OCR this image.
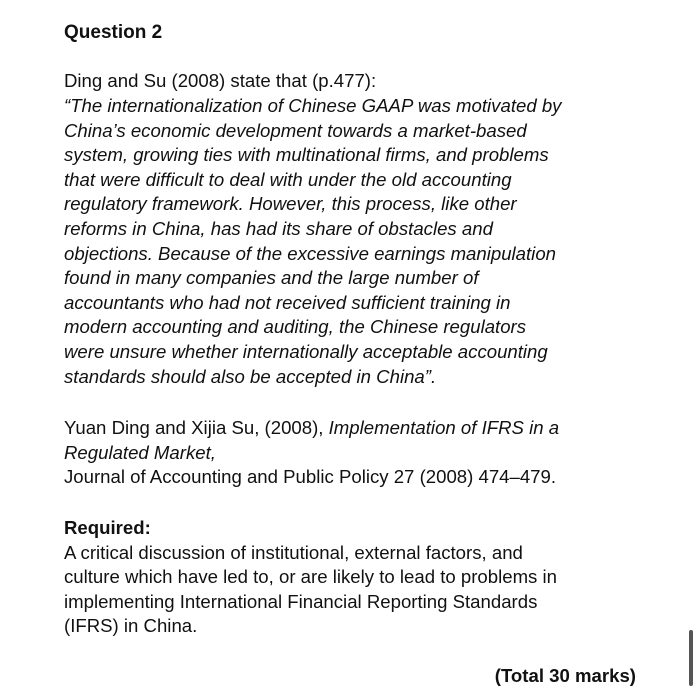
Question 2

Ding and Su (2008) state that (p.477):

“The internationalization of Chinese GAAP was motivated by
China’s economic development towards a market-based
system, growing ties with multinational firms, and problems
that were difficult to deal with under the old accounting
regulatory framework. However, this process, like other
reforms in China, has had its share of obstacles and
objections. Because of the excessive earnings manipulation
found in many companies and the large number of
accountants who had not received sufficient training in
modern accounting and auditing, the Chinese regulators
were unsure whether internationally acceptable accounting
standards should also be accepted in China”.

Yuan Ding and Xijia Su, (2008), Implementation of IFRS in a
Regulated Market,
Journal of Accounting and Public Policy 27 (2008) 474–479.

Required:
A critical discussion of institutional, external factors, and
culture which have led to, or are likely to lead to problems in
implementing International Financial Reporting Standards
(IFRS) in China.

(Total 30 marks)
